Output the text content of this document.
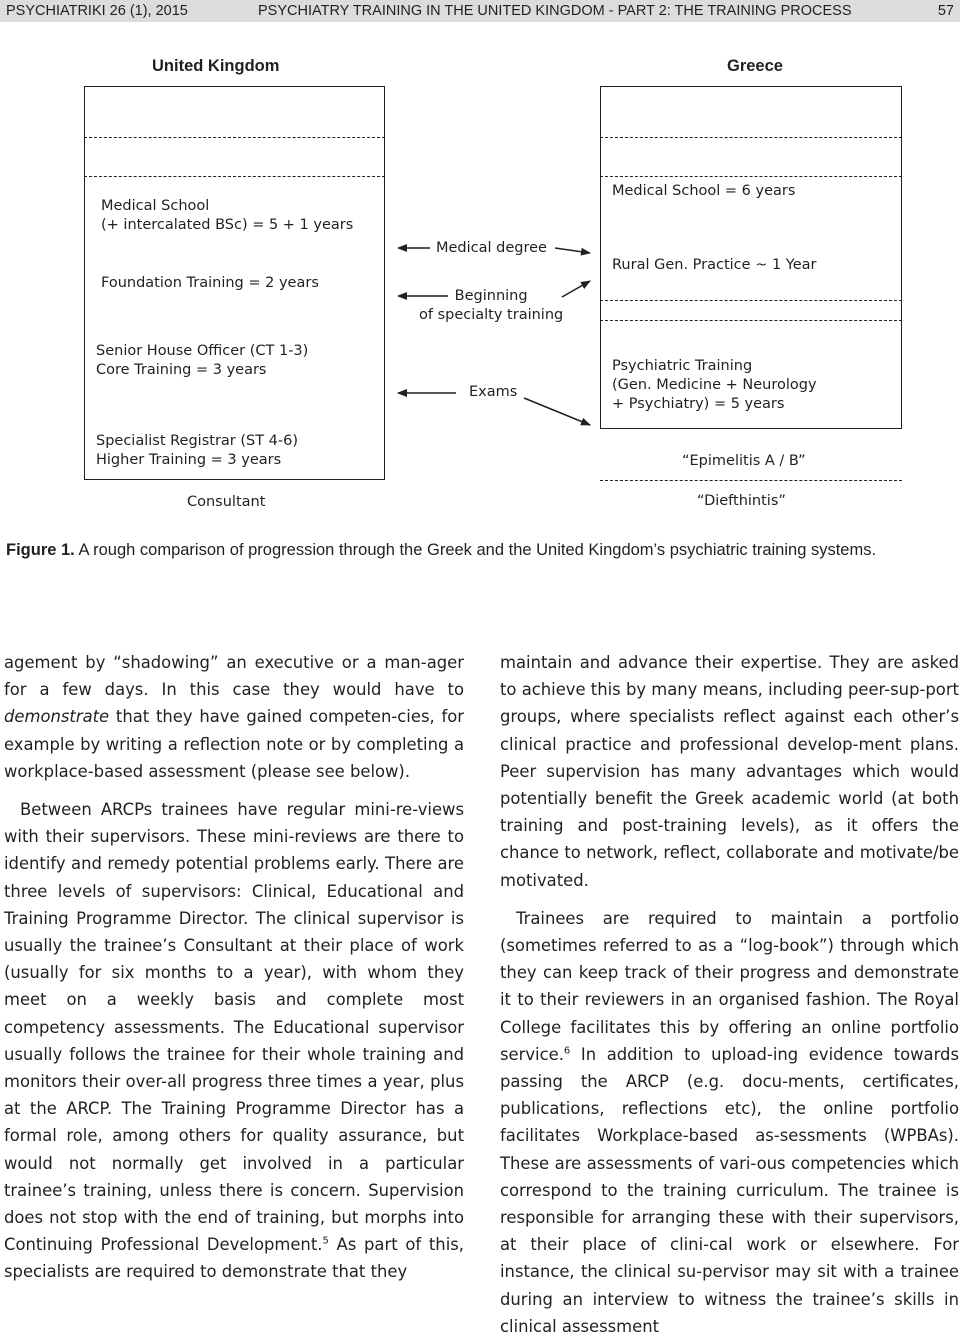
PSYCHIATRIKI 26 (1), 2015	PSYCHIATRY TRAINING IN THE UNITED KINGDOM - PART 2: THE TRAINING PROCESS	57
United Kingdom	Greece
Medical School
(+ intercalated BSc) = 5 + 1 years
Foundation Training = 2 years
Senior House Officer (CT 1-3)
Core Training = 3 years
Specialist Registrar (ST 4-6)
Higher Training = 3 years
Consultant
Medical School = 6 years
Rural Gen. Practice ~ 1 Year
Psychiatric Training
(Gen. Medicine + Neurology
+ Psychiatry) = 5 years
“Epimelitis A / B”
“Diefthintis”
Medical degree
Beginning
of specialty training
Exams
Figure 1. A rough comparison of progression through the Greek and the United Kingdom’s psychiatric training systems.

agement by “shadowing” an executive or a man-ager for a few days. In this case they would have to demonstrate that they have gained competen-cies, for example by writing a reflection note or by completing a workplace-based assessment (please see below).

Between ARCPs trainees have regular mini-re-views with their supervisors. These mini-reviews are there to identify and remedy potential problems early. There are three levels of supervisors: Clinical, Educational and Training Programme Director. The clinical supervisor is usually the trainee’s Consultant at their place of work (usually for six months to a year), with whom they meet on a weekly basis and complete most competency assessments. The Educational supervisor usually follows the trainee for their whole training and monitors their over-all progress three times a year, plus at the ARCP. The Training Programme Director has a formal role, among others for quality assurance, but would not normally get involved in a particular trainee’s training, unless there is concern. Supervision does not stop with the end of training, but morphs into Continuing Professional Development.$^5$ As part of this, specialists are required to demonstrate that they

maintain and advance their expertise. They are asked to achieve this by many means, including peer-sup-port groups, where specialists reflect against each other’s clinical practice and professional develop-ment plans. Peer supervision has many advantages which would potentially benefit the Greek academic world (at both training and post-training levels), as it offers the chance to network, reflect, collaborate and motivate/be motivated.

Trainees are required to maintain a portfolio (sometimes referred to as a “log-book”) through which they can keep track of their progress and demonstrate it to their reviewers in an organised fashion. The Royal College facilitates this by offering an online portfolio service.$^6$ In addition to upload-ing evidence towards passing the ARCP (e.g. docu-ments, certificates, publications, reflections etc), the online portfolio facilitates Workplace-based as-sessments (WPBAs). These are assessments of vari-ous competencies which correspond to the training curriculum. The trainee is responsible for arranging these with their supervisors, at their place of clini-cal work or elsewhere. For instance, the clinical su-pervisor may sit with a trainee during an interview to witness the trainee’s skills in clinical assessment
